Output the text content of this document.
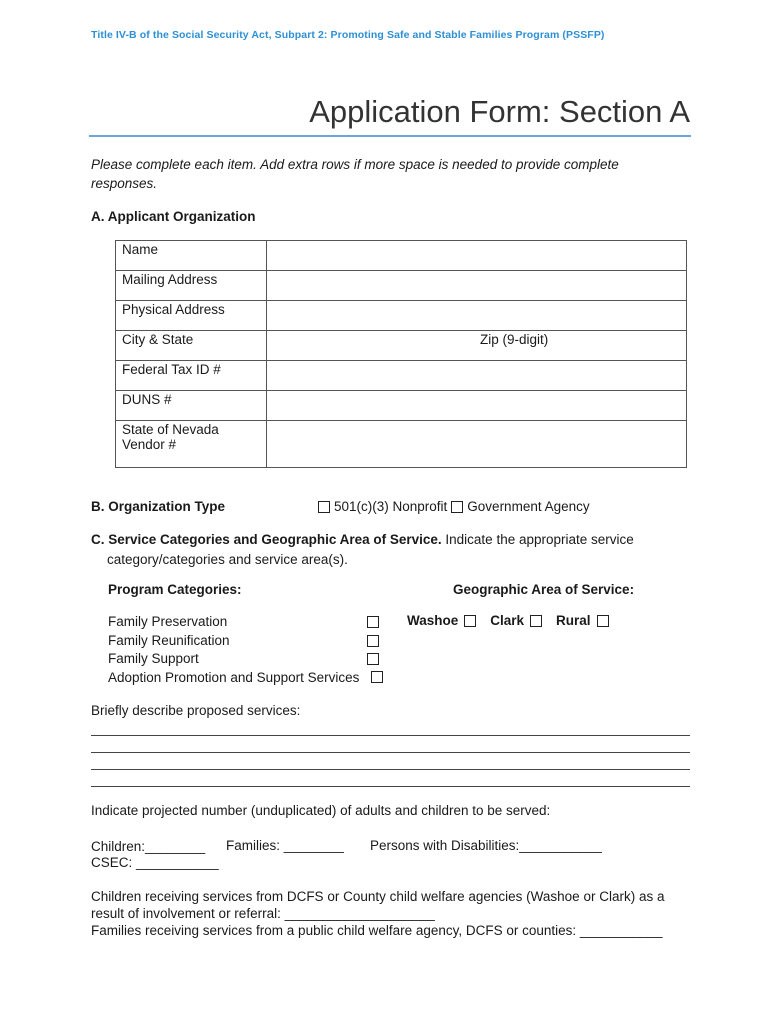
Title IV-B of the Social Security Act, Subpart 2: Promoting Safe and Stable Families Program (PSSFP)
Application Form: Section A
Please complete each item. Add extra rows if more space is needed to provide complete responses.
A. Applicant Organization
Name	
Mailing Address	
Physical Address	
City & State	Zip (9-digit)

Federal Tax ID #	
DUNS #	
State of Nevada Vendor #	
B. Organization Type	501(c)(3) Nonprofit Government Agency
C. Service Categories and Geographic Area of Service. Indicate the appropriate service
category/categories and service area(s).
Program Categories:	Geographic Area of Service:
Family Preservation
Family Reunification
Family Support
Adoption Promotion and Support Services
Washoe Clark Rural
Briefly describe proposed services:
Indicate projected number (unduplicated) of adults and children to be served:
Children:________ Families: ________ Persons with Disabilities:___________
CSEC: ___________
Children receiving services from DCFS or County child welfare agencies (Washoe or Clark) as a result of involvement or referral: ____________________
Families receiving services from a public child welfare agency, DCFS or counties: ___________
